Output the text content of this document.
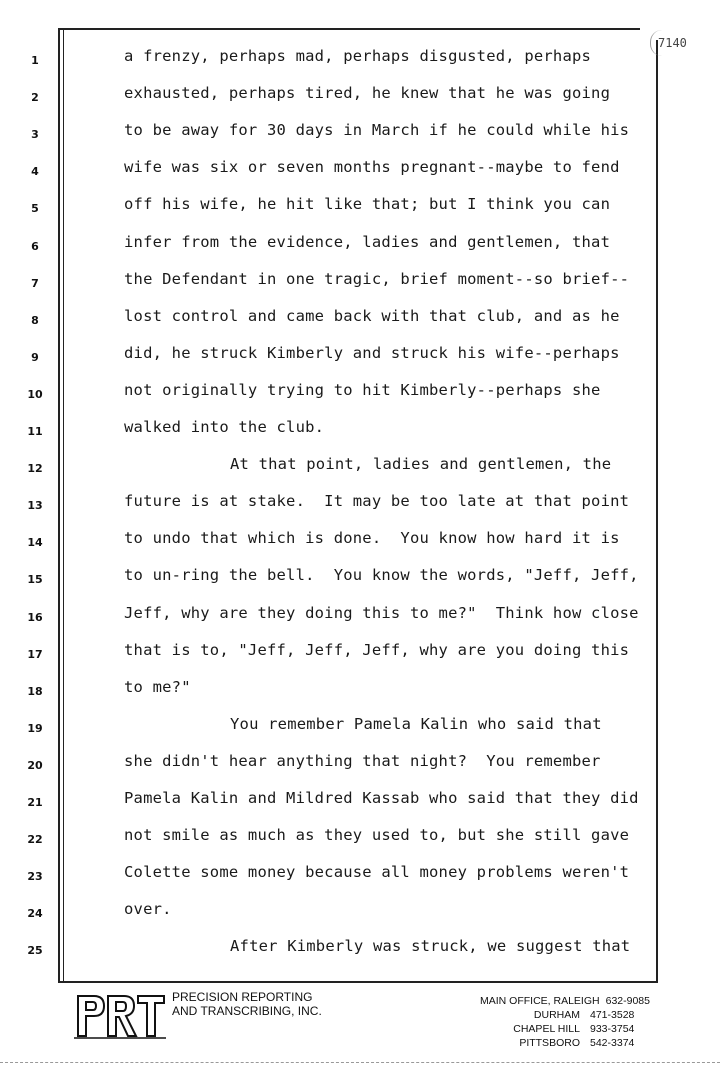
7140
1	a frenzy, perhaps mad, perhaps disgusted, perhaps
2	exhausted, perhaps tired, he knew that he was going
3	to be away for 30 days in March if he could while his
4	wife was six or seven months pregnant--maybe to fend
5	off his wife, he hit like that; but I think you can
6	infer from the evidence, ladies and gentlemen, that
7	the Defendant in one tragic, brief moment--so brief--
8	lost control and came back with that club, and as he
9	did, he struck Kimberly and struck his wife--perhaps
10	not originally trying to hit Kimberly--perhaps she
11	walked into the club.
12	At that point, ladies and gentlemen, the
13	future is at stake.  It may be too late at that point
14	to undo that which is done.  You know how hard it is
15	to un-ring the bell.  You know the words, "Jeff, Jeff,
16	Jeff, why are they doing this to me?"  Think how close
17	that is to, "Jeff, Jeff, Jeff, why are you doing this
18	to me?"
19	You remember Pamela Kalin who said that
20	she didn't hear anything that night?  You remember
21	Pamela Kalin and Mildred Kassab who said that they did
22	not smile as much as they used to, but she still gave
23	Colette some money because all money problems weren't
24	over.
25	After Kimberly was struck, we suggest that
PRECISION REPORTING
AND TRANSCRIBING, INC.
MAIN OFFICE, RALEIGH 632-9085
DURHAM 471-3528
CHAPEL HILL 933-3754
PITTSBORO 542-3374
